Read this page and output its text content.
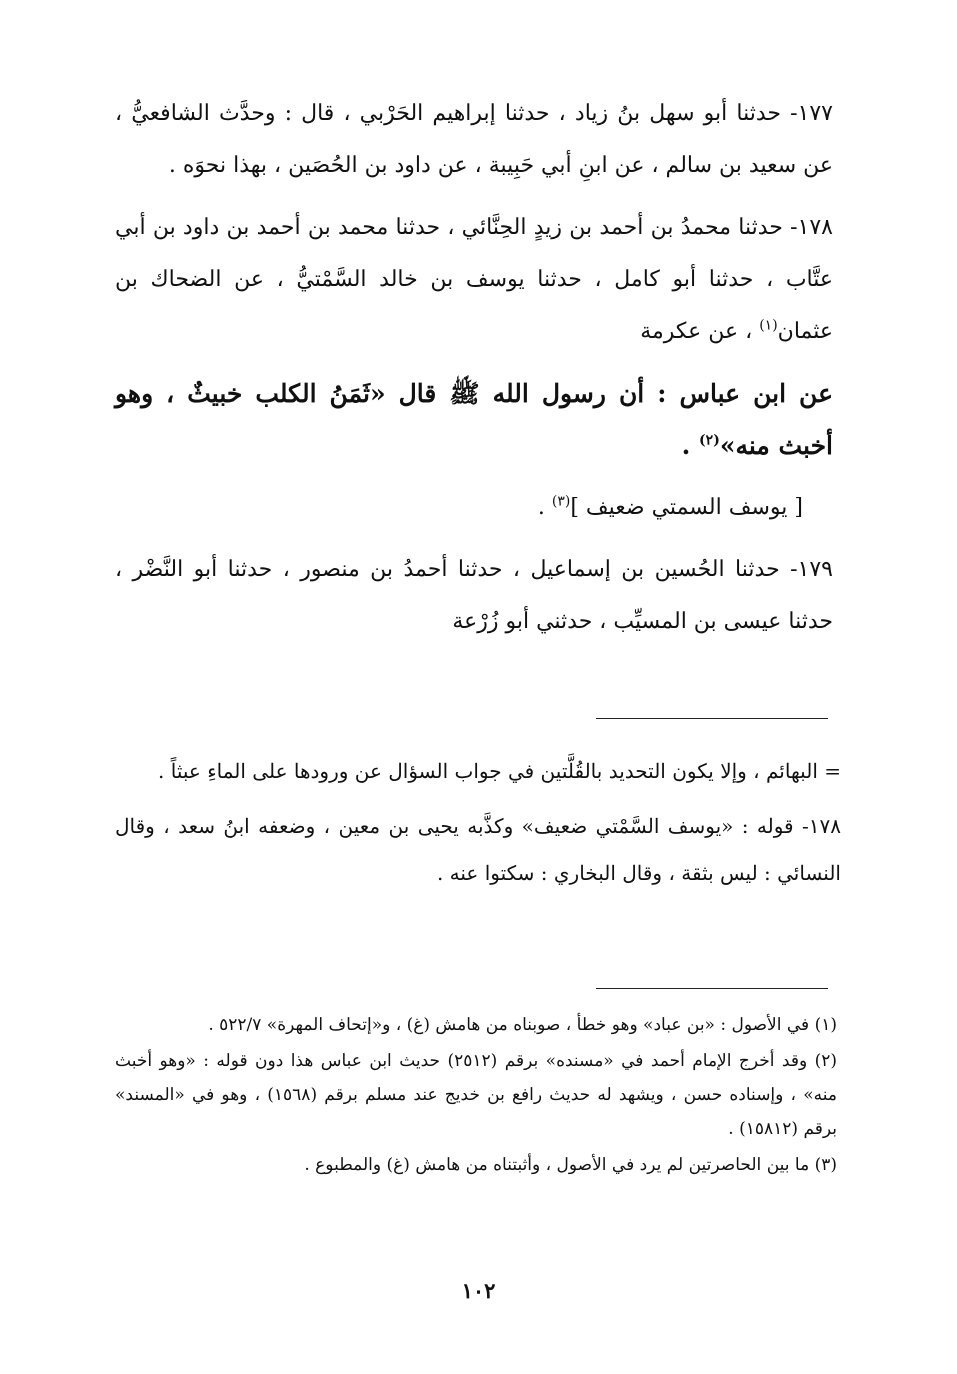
١٧٧- حدثنا أبو سهل بنُ زياد ، حدثنا إبراهيم الحَرْبي ، قال : وحدَّث الشافعيُّ ، عن سعيد بن سالم ، عن ابنِ أبي حَبِيبة ، عن داود بن الحُصَين ، بهذا نحوَه .

١٧٨- حدثنا محمدُ بن أحمد بن زيدٍ الحِنَّائي ، حدثنا محمد بن أحمد بن داود بن أبي عتَّاب ، حدثنا أبو كامل ، حدثنا يوسف بن خالد السَّمْتيُّ ، عن الضحاك بن عثمان$^{(١)}$ ، عن عكرمة

عن ابن عباس : أن رسول الله ﷺ قال «ثَمَنُ الكلب خبيثٌ ، وهو أخبث منه»$^{(٢)}$ .

[ يوسف السمتي ضعيف ]$^{(٣)}$ .

١٧٩- حدثنا الحُسين بن إسماعيل ، حدثنا أحمدُ بن منصور ، حدثنا أبو النَّضْر ، حدثنا عيسى بن المسيِّب ، حدثني أبو زُرْعة

= البهائم ، وإلا يكون التحديد بالقُلَّتين في جواب السؤال عن ورودها على الماءِ عبثاً .

١٧٨- قوله : «يوسف السَّمْتي ضعيف» وكذَّبه يحيى بن معين ، وضعفه ابنُ سعد ، وقال النسائي : ليس بثقة ، وقال البخاري : سكتوا عنه .

(١) في الأصول : «بن عباد» وهو خطأ ، صوبناه من هامش (غ) ، و«إتحاف المهرة» ٥٢٢/٧ .

(٢) وقد أخرج الإمام أحمد في «مسنده» برقم (٢٥١٢) حديث ابن عباس هذا دون قوله : «وهو أخبث منه» ، وإسناده حسن ، ويشهد له حديث رافع بن خديج عند مسلم برقم (١٥٦٨) ، وهو في «المسند» برقم (١٥٨١٢) .

(٣) ما بين الحاصرتين لم يرد في الأصول ، وأثبتناه من هامش (غ) والمطبوع .

١٠٢
